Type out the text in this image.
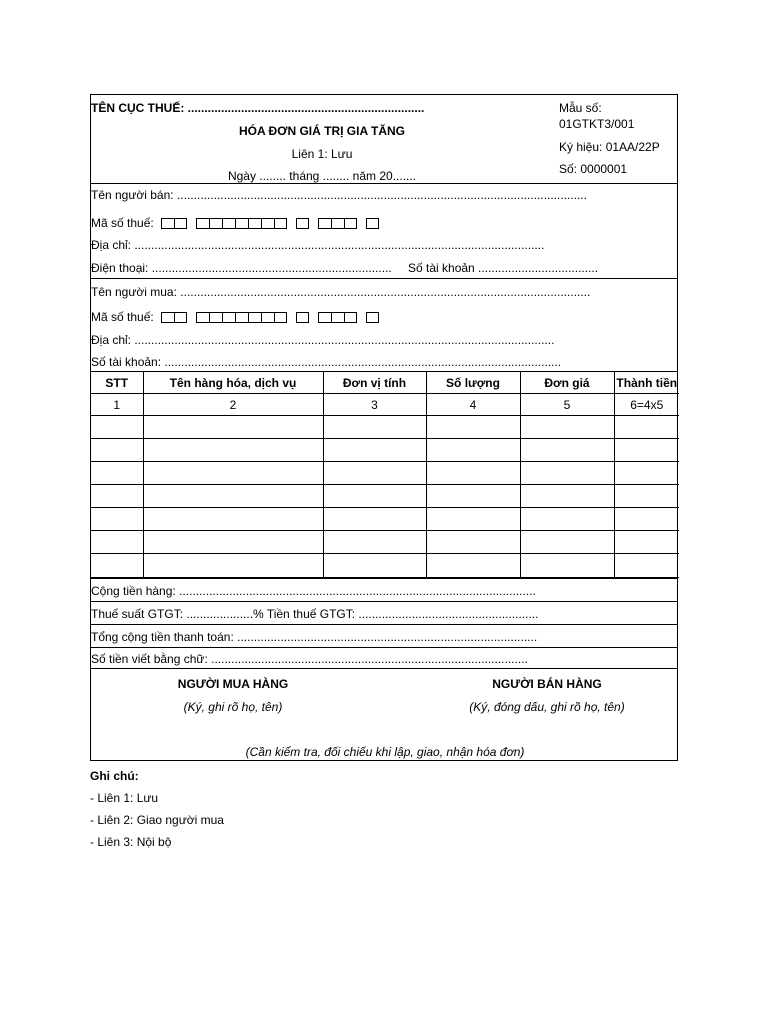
TÊN CỤC THUẾ: .......................................................................
HÓA ĐƠN GIÁ TRỊ GIA TĂNG
Liên 1: Lưu
Ngày ........ tháng ........ năm 20.......
Mẫu số:
01GTKT3/001
Ký hiệu: 01AA/22P
Số: 0000001
Tên người bán: ...........................................................................................................................
Mã số thuế:
Địa chỉ: ...........................................................................................................................
Điện thoại: ........................................................................ Số tài khoản ....................................
Tên người mua: ...........................................................................................................................
Mã số thuế:
Địa chỉ: ..............................................................................................................................
Số tài khoản: .......................................................................................................................
STT	Tên hàng hóa, dịch vụ	Đơn vị tính	Số lượng	Đơn giá	Thành tiền
1	2	3	4	5	6=4x5

Cộng tiền hàng: ...........................................................................................................
Thuế suất GTGT: ....................% Tiền thuế GTGT: ......................................................
Tổng cộng tiền thanh toán: ..........................................................................................
Số tiền viết bằng chữ: ...............................................................................................
NGƯỜI MUA HÀNG
(Ký, ghi rõ họ, tên)
NGƯỜI BÁN HÀNG
(Ký, đóng dấu, ghi rõ họ, tên)
(Cần kiểm tra, đối chiếu khi lập, giao, nhận hóa đơn)
Ghi chú:
- Liên 1: Lưu
- Liên 2: Giao người mua
- Liên 3: Nội bộ
